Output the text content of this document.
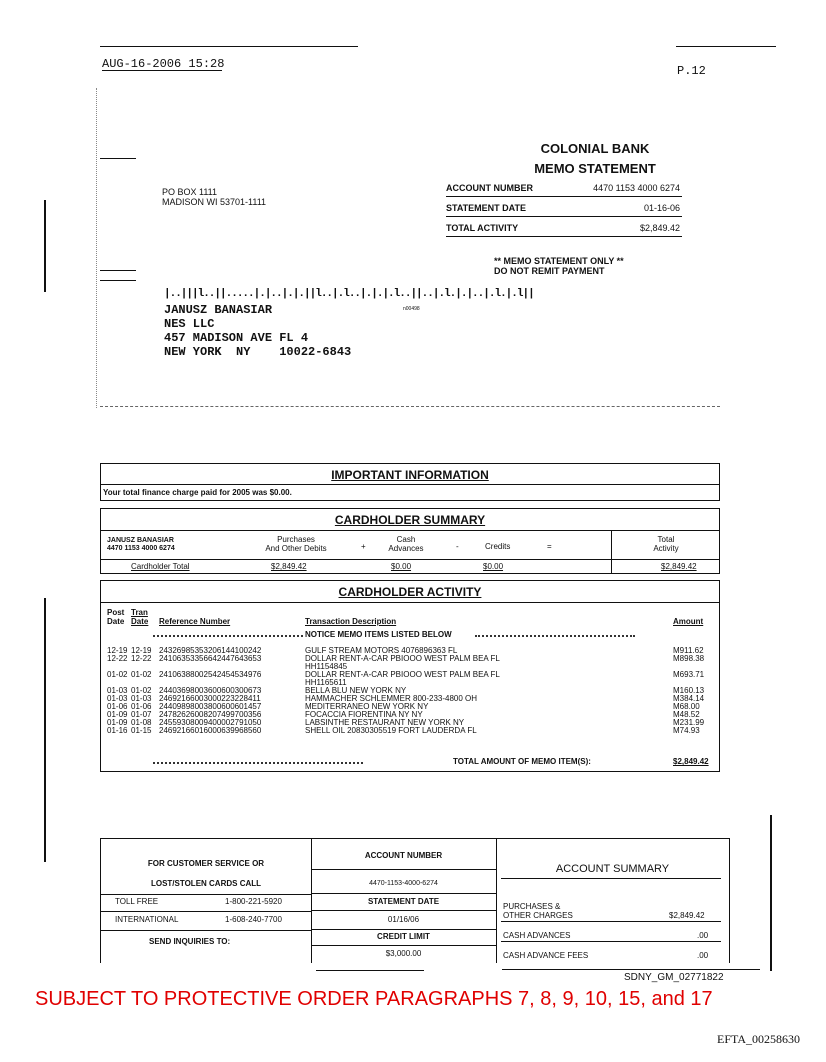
AUG-16-2006 15:28	P.12
COLONIAL BANK
MEMO STATEMENT
PO BOX 1111
MADISON WI 53701-1111
ACCOUNT NUMBER	4470 1153 4000 6274
STATEMENT DATE	01-16-06
TOTAL ACTIVITY	$2,849.42
** MEMO STATEMENT ONLY **
DO NOT REMIT PAYMENT
|..|||l..||.....|.|..|.|.||l..|.l..|.|.|.l..||..|.l.|.|..|.l.|.l||
JANUSZ BANASIAR
NES LLC
457 MADISON AVE FL 4
NEW YORK  NY    10022-6843
n00498
IMPORTANT INFORMATION
Your total finance charge paid for 2005 was $0.00.
CARDHOLDER SUMMARY
JANUSZ BANASIAR
4470 1153 4000 6274
Purchases
And Other Debits	+
Cash
Advances	-	Credits	=
Total
Activity
Cardholder Total	$2,849.42	$0.00	$0.00	$2,849.42
CARDHOLDER ACTIVITY
Post
Date
Tran
Date Reference Number	Transaction Description	Amount
NOTICE MEMO ITEMS LISTED BELOW
12-19 12-19 24326985353206144100242	GULF STREAM MOTORS 4076896363 FL	M911.62
12-22 12-22 24106353356642447643653	DOLLAR RENT-A-CAR PBIOOO WEST PALM BEA FL	M898.38
HH1154845
01-02 01-02 24106388002542454534976	DOLLAR RENT-A-CAR PBIOOO WEST PALM BEA FL	M693.71
HH1165611
01-03 01-02 24403698003600600300673	BELLA BLU NEW YORK NY	M160.13
01-03 01-03 24692166003000223228411	HAMMACHER SCHLEMMER 800-233-4800 OH	M384.14
01-06 01-06 24409898003800600601457	MEDITERRANEO NEW YORK NY	M68.00
01-09 01-07 24782626008207499700356	FOCACCIA FIORENTINA NY NY	M48.52
01-09 01-08 24559308009400002791050	LABSINTHE RESTAURANT NEW YORK NY	M231.99
01-16 01-15 24692166016000639968560	SHELL OIL 20830305519 FORT LAUDERDA FL	M74.93
TOTAL AMOUNT OF MEMO ITEM(S):	$2,849.42
FOR CUSTOMER SERVICE OR
LOST/STOLEN CARDS CALL
TOLL FREE	1-800-221-5920
INTERNATIONAL	1-608-240-7700
SEND INQUIRIES TO:
ACCOUNT NUMBER
4470-1153-4000-6274
STATEMENT DATE
01/16/06
CREDIT LIMIT
$3,000.00
ACCOUNT SUMMARY
PURCHASES &
OTHER CHARGES	$2,849.42
CASH ADVANCES	.00
CASH ADVANCE FEES	.00
SDNY_GM_02771822
SUBJECT TO PROTECTIVE ORDER PARAGRAPHS 7, 8, 9, 10, 15, and 17
EFTA_00258630
